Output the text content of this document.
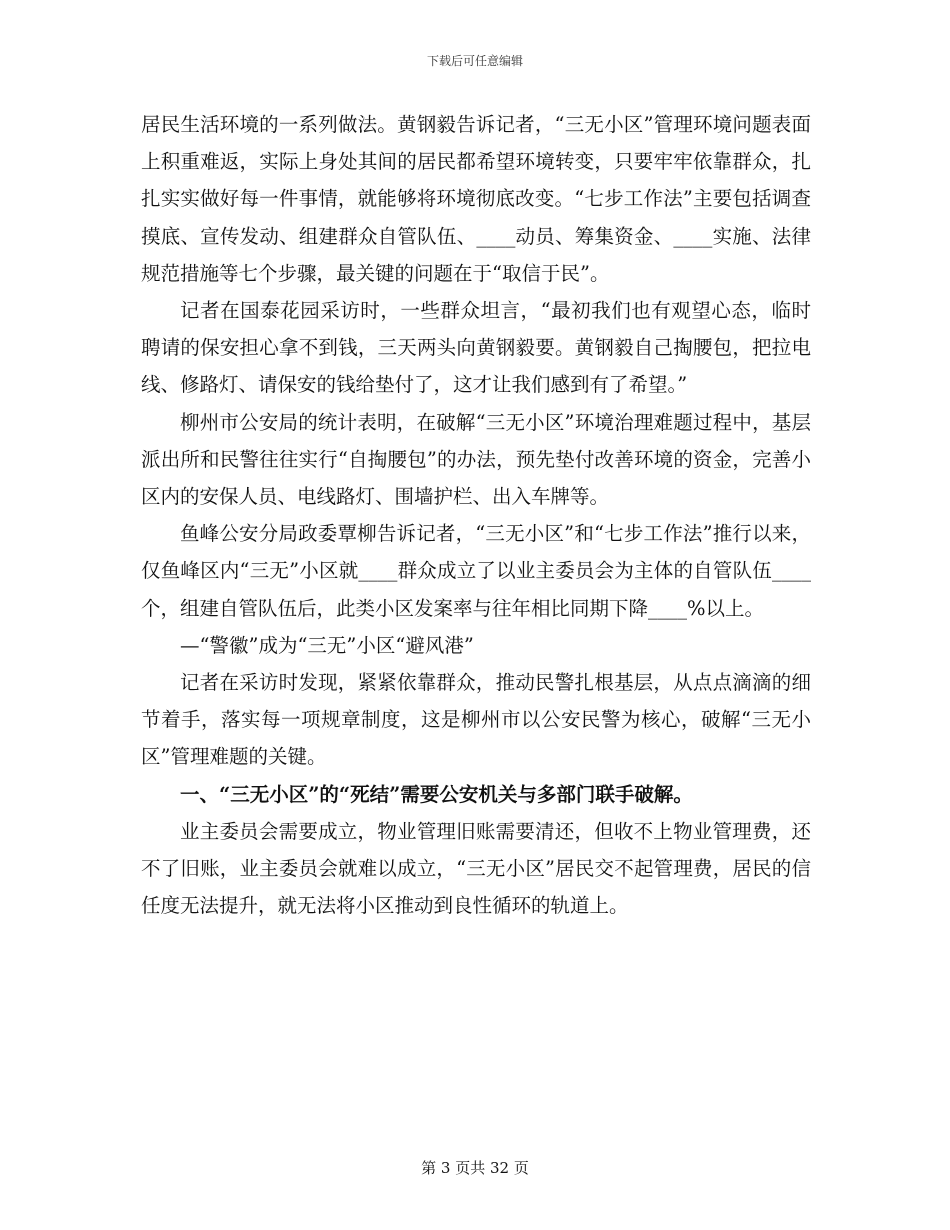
下载后可任意编辑

居民生活环境的一系列做法。黄钢毅告诉记者，“三无小区”管理环境问题表面上积重难返，实际上身处其间的居民都希望环境转变，只要牢牢依靠群众，扎扎实实做好每一件事情，就能够将环境彻底改变。“七步工作法”主要包括调查摸底、宣传发动、组建群众自管队伍、____动员、筹集资金、____实施、法律规范措施等七个步骤，最关键的问题在于“取信于民”。

记者在国泰花园采访时，一些群众坦言，“最初我们也有观望心态，临时聘请的保安担心拿不到钱，三天两头向黄钢毅要。黄钢毅自己掏腰包，把拉电线、修路灯、请保安的钱给垫付了，这才让我们感到有了希望。”

柳州市公安局的统计表明，在破解“三无小区”环境治理难题过程中，基层派出所和民警往往实行“自掏腰包”的办法，预先垫付改善环境的资金，完善小区内的安保人员、电线路灯、围墙护栏、出入车牌等。

鱼峰公安分局政委覃柳告诉记者，“三无小区”和“七步工作法”推行以来，仅鱼峰区内“三无”小区就____群众成立了以业主委员会为主体的自管队伍____个，组建自管队伍后，此类小区发案率与往年相比同期下降____%以上。

—“警徽”成为“三无”小区“避风港”

记者在采访时发现，紧紧依靠群众，推动民警扎根基层，从点点滴滴的细节着手，落实每一项规章制度，这是柳州市以公安民警为核心，破解“三无小区”管理难题的关键。

一、“三无小区”的“死结”需要公安机关与多部门联手破解。

业主委员会需要成立，物业管理旧账需要清还，但收不上物业管理费，还不了旧账，业主委员会就难以成立，“三无小区”居民交不起管理费，居民的信任度无法提升，就无法将小区推动到良性循环的轨道上。

第 3 页共 32 页
